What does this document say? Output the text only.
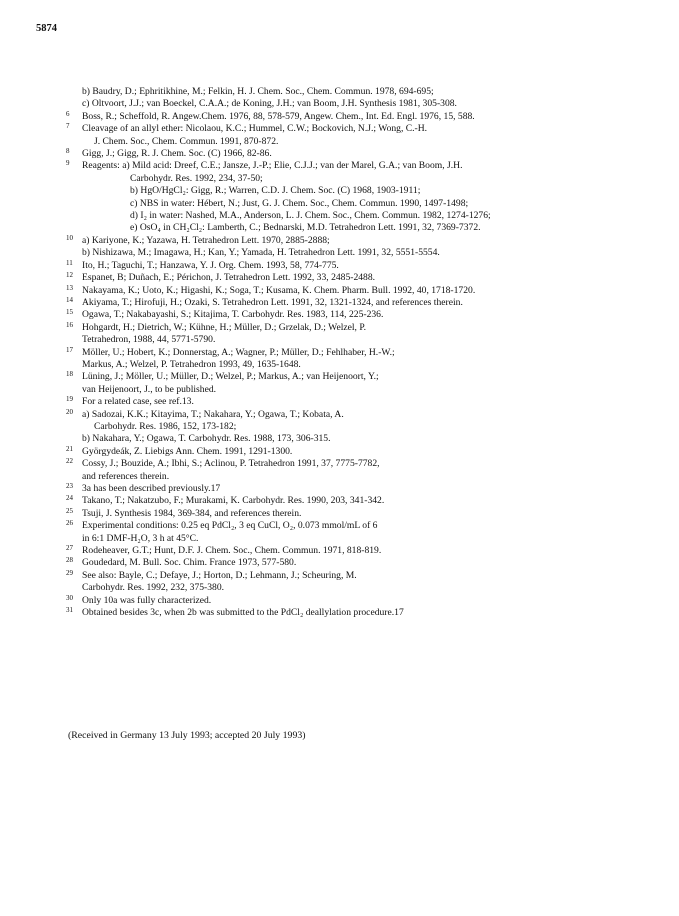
5874
b) Baudry, D.; Ephritikhine, M.; Felkin, H. J. Chem. Soc., Chem. Commun. 1978, 694-695;
c) Oltvoort, J.J.; van Boeckel, C.A.A.; de Koning, J.H.; van Boom, J.H. Synthesis 1981, 305-308.
6	Boss, R.; Scheffold, R. Angew.Chem. 1976, 88, 578-579, Angew. Chem., Int. Ed. Engl. 1976, 15, 588.
7	Cleavage of an allyl ether: Nicolaou, K.C.; Hummel, C.W.; Bockovich, N.J.; Wong, C.-H.
J. Chem. Soc., Chem. Commun. 1991, 870-872.
8	Gigg, J.; Gigg, R. J. Chem. Soc. (C) 1966, 82-86.
9	Reagents: a) Mild acid: Dreef, C.E.; Jansze, J.-P.; Elie, C.J.J.; van der Marel, G.A.; van Boom, J.H.
Carbohydr. Res. 1992, 234, 37-50;
b) HgO/HgCl₂: Gigg, R.; Warren, C.D. J. Chem. Soc. (C) 1968, 1903-1911;
c) NBS in water: Hébert, N.; Just, G. J. Chem. Soc., Chem. Commun. 1990, 1497-1498;
d) I₂ in water: Nashed, M.A., Anderson, L. J. Chem. Soc., Chem. Commun. 1982, 1274-1276;
e) OsO₄ in CH₂Cl₂: Lamberth, C.; Bednarski, M.D. Tetrahedron Lett. 1991, 32, 7369-7372.
10 a) Kariyone, K.; Yazawa, H. Tetrahedron Lett. 1970, 2885-2888;
b) Nishizawa, M.; Imagawa, H.; Kan, Y.; Yamada, H. Tetrahedron Lett. 1991, 32, 5551-5554.
11 Ito, H.; Taguchi, T.; Hanzawa, Y. J. Org. Chem. 1993, 58, 774-775.
12 Espanet, B; Duñach, E.; Périchon, J. Tetrahedron Lett. 1992, 33, 2485-2488.
13 Nakayama, K.; Uoto, K.; Higashi, K.; Soga, T.; Kusama, K. Chem. Pharm. Bull. 1992, 40, 1718-1720.
14 Akiyama, T.; Hirofuji, H.; Ozaki, S. Tetrahedron Lett. 1991, 32, 1321-1324, and references therein.
15 Ogawa, T.; Nakabayashi, S.; Kitajima, T. Carbohydr. Res. 1983, 114, 225-236.
16 Hohgardt, H.; Dietrich, W.; Kühne, H.; Müller, D.; Grzelak, D.; Welzel, P.
Tetrahedron, 1988, 44, 5771-5790.
17 Möller, U.; Hobert, K.; Donnerstag, A.; Wagner, P.; Müller, D.; Fehlhaber, H.-W.;
Markus, A.; Welzel, P. Tetrahedron 1993, 49, 1635-1648.
18 Lüning, J.; Möller, U.; Müller, D.; Welzel, P.; Markus, A.; van Heijenoort, Y.;
van Heijenoort, J., to be published.
19 For a related case, see ref.13.
20 a) Sadozai, K.K.; Kitayima, T.; Nakahara, Y.; Ogawa, T.; Kobata, A.
Carbohydr. Res. 1986, 152, 173-182;
b) Nakahara, Y.; Ogawa, T. Carbohydr. Res. 1988, 173, 306-315.
21 Györgydeák, Z. Liebigs Ann. Chem. 1991, 1291-1300.
22 Cossy, J.; Bouzide, A.; Ibhi, S.; Aclinou, P. Tetrahedron 1991, 37, 7775-7782,
and references therein.
23 3a has been described previously.17
24 Takano, T.; Nakatzubo, F.; Murakami, K. Carbohydr. Res. 1990, 203, 341-342.
25 Tsuji, J. Synthesis 1984, 369-384, and references therein.
26 Experimental conditions: 0.25 eq PdCl₂, 3 eq CuCl, O₂, 0.073 mmol/mL of 6
in 6:1 DMF-H₂O, 3 h at 45°C.
27 Rodeheaver, G.T.; Hunt, D.F. J. Chem. Soc., Chem. Commun. 1971, 818-819.
28 Goudedard, M. Bull. Soc. Chim. France 1973, 577-580.
29 See also: Bayle, C.; Defaye, J.; Horton, D.; Lehmann, J.; Scheuring, M.
Carbohydr. Res. 1992, 232, 375-380.
30 Only 10a was fully characterized.
31 Obtained besides 3c, when 2b was submitted to the PdCl₂ deallylation procedure.17
(Received in Germany 13 July 1993; accepted 20 July 1993)
